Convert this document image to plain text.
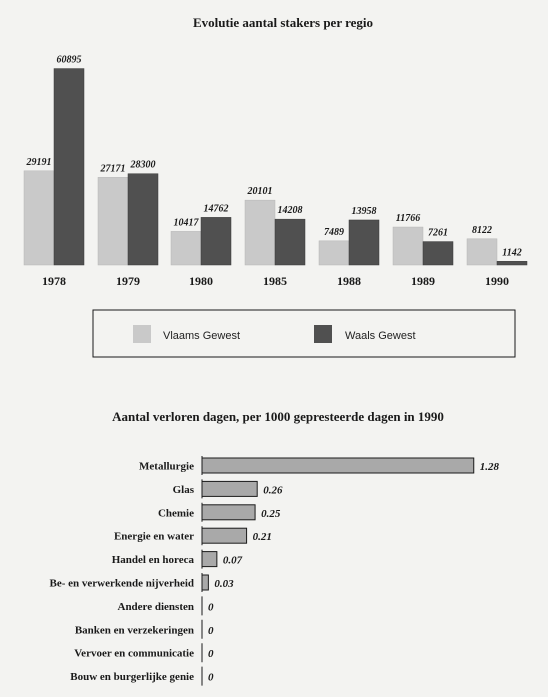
Evolutie aantal stakers per regio
29191
60895
1978
27171 28300
1979
10417
14762
1980
20101
14208
1985
7489
13958
1988
11766
7261
1989
8122
1142
1990
Vlaams Gewest	Waals Gewest
Aantal verloren dagen, per 1000 gepresteerde dagen in 1990
Metallurgie	1.28
Glas	0.26
Chemie	0.25
Energie en water	0.21
Handel en horeca	0.07
Be- en verwerkende nijverheid 0.03
Andere diensten 0
Banken en verzekeringen 0
Vervoer en communicatie 0
Bouw en burgerlijke genie 0
